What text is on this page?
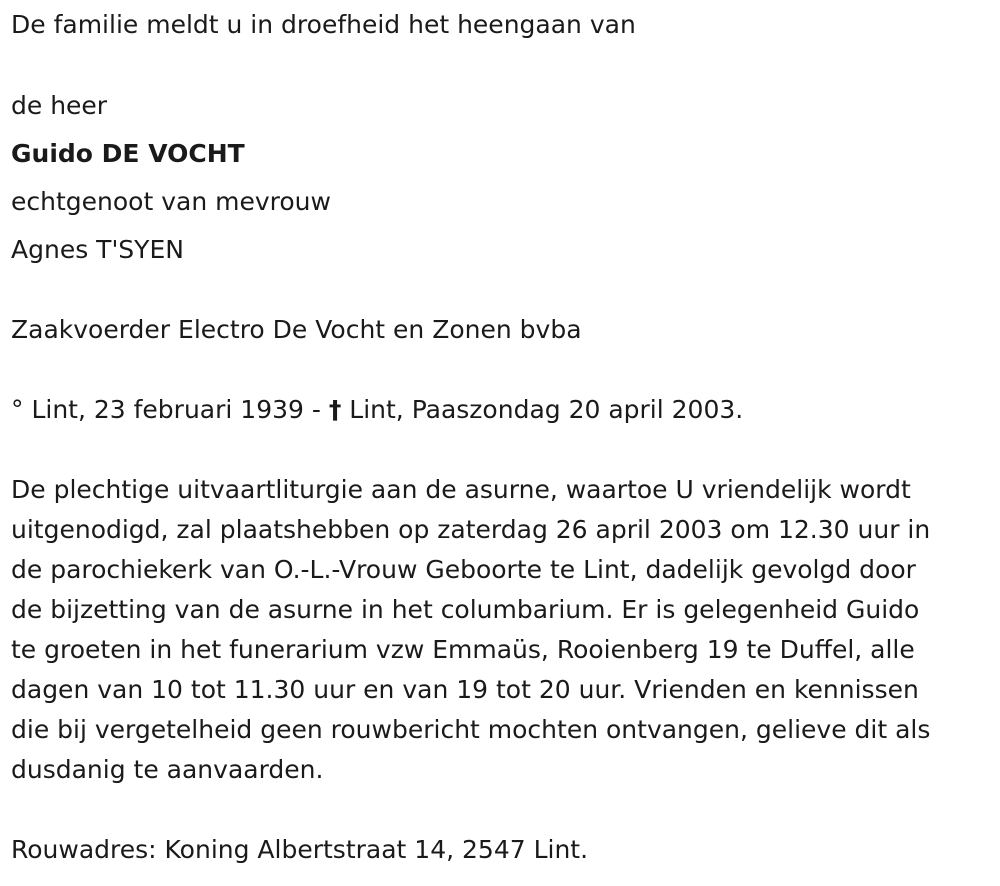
De familie meldt u in droefheid het heengaan van
de heer
Guido DE VOCHT
echtgenoot van mevrouw
Agnes T'SYEN
Zaakvoerder Electro De Vocht en Zonen bvba
° Lint, 23 februari 1939 - † Lint, Paaszondag 20 april 2003.
De plechtige uitvaartliturgie aan de asurne, waartoe U vriendelijk wordt
uitgenodigd, zal plaatshebben op zaterdag 26 april 2003 om 12.30 uur in
de parochiekerk van O.-L.-Vrouw Geboorte te Lint, dadelijk gevolgd door
de bijzetting van de asurne in het columbarium. Er is gelegenheid Guido
te groeten in het funerarium vzw Emmaüs, Rooienberg 19 te Duffel, alle
dagen van 10 tot 11.30 uur en van 19 tot 20 uur. Vrienden en kennissen
die bij vergetelheid geen rouwbericht mochten ontvangen, gelieve dit als
dusdanig te aanvaarden.
Rouwadres: Koning Albertstraat 14, 2547 Lint.
